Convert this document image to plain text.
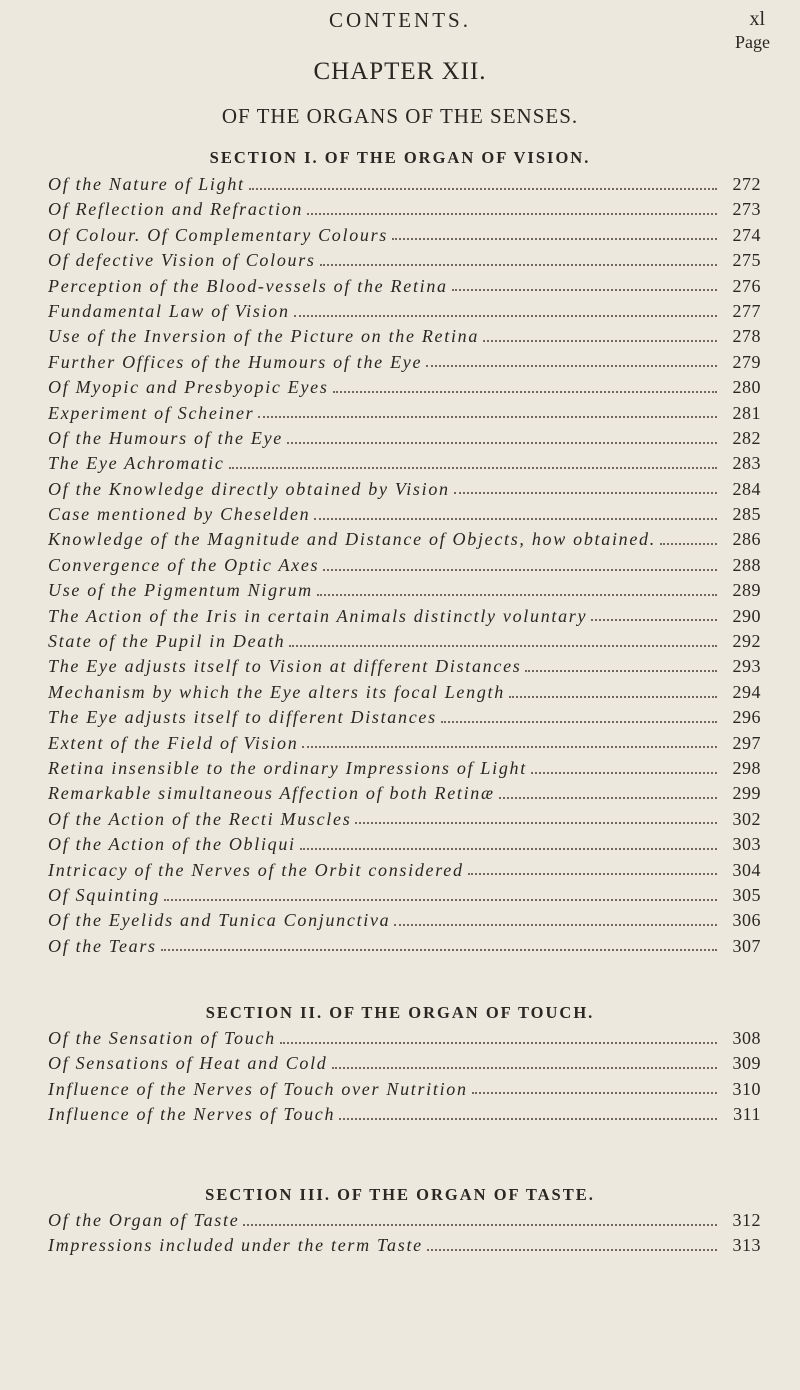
CONTENTS.	xl
Page
CHAPTER XII.
OF THE ORGANS OF THE SENSES.
SECTION I. OF THE ORGAN OF VISION.
Of the Nature of Light	272
Of Reflection and Refraction	273
Of Colour. Of Complementary Colours	274
Of defective Vision of Colours	275
Perception of the Blood-vessels of the Retina	276
Fundamental Law of Vision	277
Use of the Inversion of the Picture on the Retina	278
Further Offices of the Humours of the Eye	279
Of Myopic and Presbyopic Eyes	280
Experiment of Scheiner	281
Of the Humours of the Eye	282
The Eye Achromatic	283
Of the Knowledge directly obtained by Vision	284
Case mentioned by Cheselden	285
Knowledge of the Magnitude and Distance of Objects, how obtained.	286
Convergence of the Optic Axes	288
Use of the Pigmentum Nigrum	289
The Action of the Iris in certain Animals distinctly voluntary	290
State of the Pupil in Death	292
The Eye adjusts itself to Vision at different Distances	293
Mechanism by which the Eye alters its focal Length	294
The Eye adjusts itself to different Distances	296
Extent of the Field of Vision	297
Retina insensible to the ordinary Impressions of Light	298
Remarkable simultaneous Affection of both Retinæ	299
Of the Action of the Recti Muscles	302
Of the Action of the Obliqui	303
Intricacy of the Nerves of the Orbit considered	304
Of Squinting	305
Of the Eyelids and Tunica Conjunctiva	306
Of the Tears	307
SECTION II. OF THE ORGAN OF TOUCH.
Of the Sensation of Touch	308
Of Sensations of Heat and Cold	309
Influence of the Nerves of Touch over Nutrition	310
Influence of the Nerves of Touch	311
SECTION III. OF THE ORGAN OF TASTE.
Of the Organ of Taste	312
Impressions included under the term Taste	313
